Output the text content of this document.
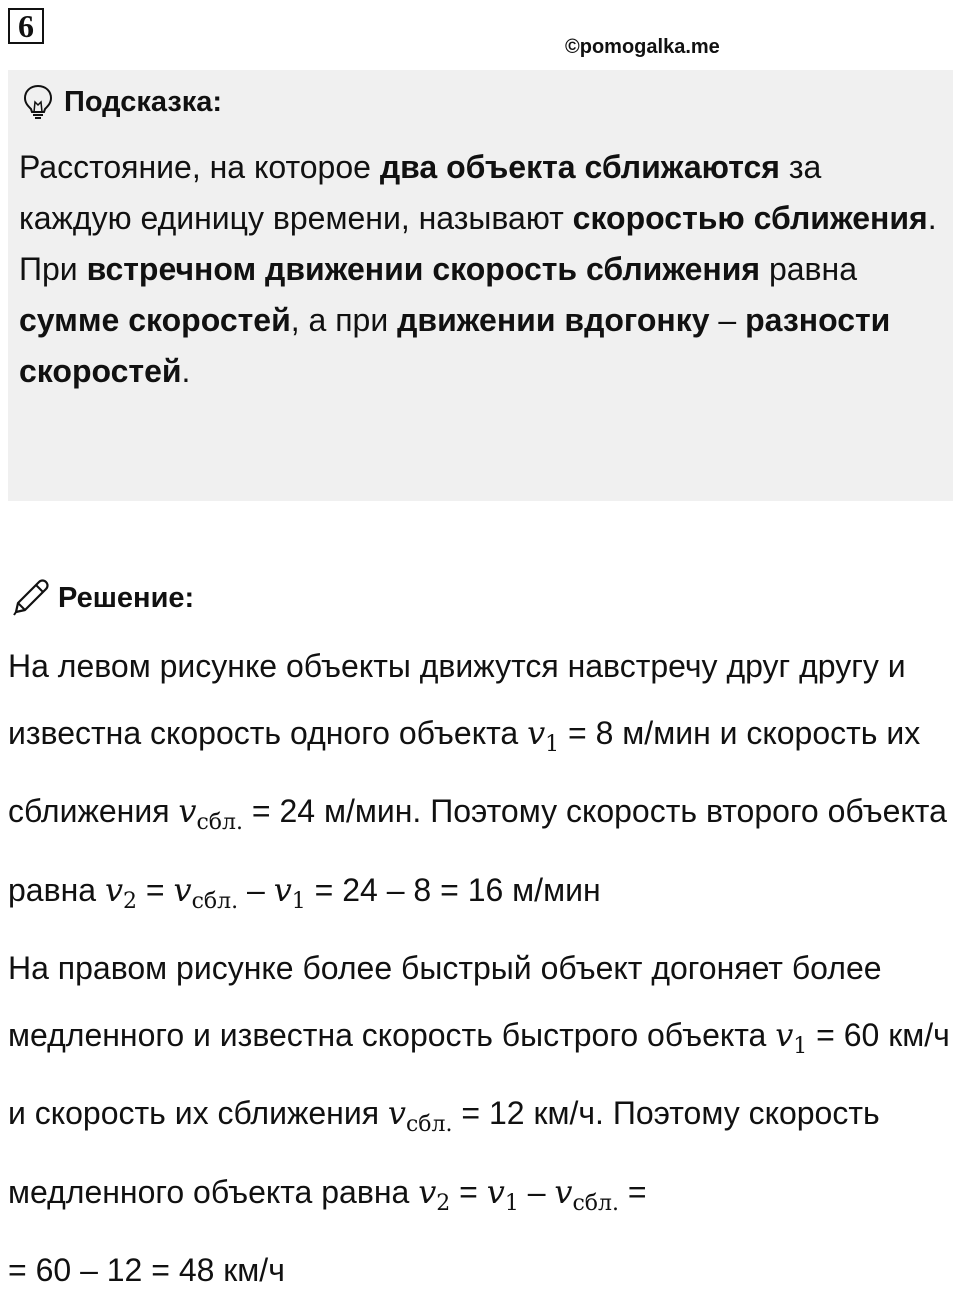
6
©pomogalka.me
Подсказка:

Расстояние, на которое два объекта сближаются за каждую единицу времени, называют скоростью сближения.

При встречном движении скорость сближения равна сумме скоростей, а при движении вдогонку – разности скоростей.

Решение:

На левом рисунке объекты движутся навстречу друг другу и известна скорость одного объекта $v_1 = 8$ м/мин и скорость их сближения $v_{сбл.} = 24$ м/мин. Поэтому скорость второго объекта равна $v_2 = v_{сбл.} - v_1 = 24 - 8 = 16$ м/мин

На правом рисунке более быстрый объект догоняет более медленного и известна скорость быстрого объекта $v_1 = 60$ км/ч и скорость их сближения $v_{сбл.} = 12$ км/ч. Поэтому скорость медленного объекта равна $v_2 = v_1 - v_{сбл.}$ =

= 60 – 12 = 48 км/ч
